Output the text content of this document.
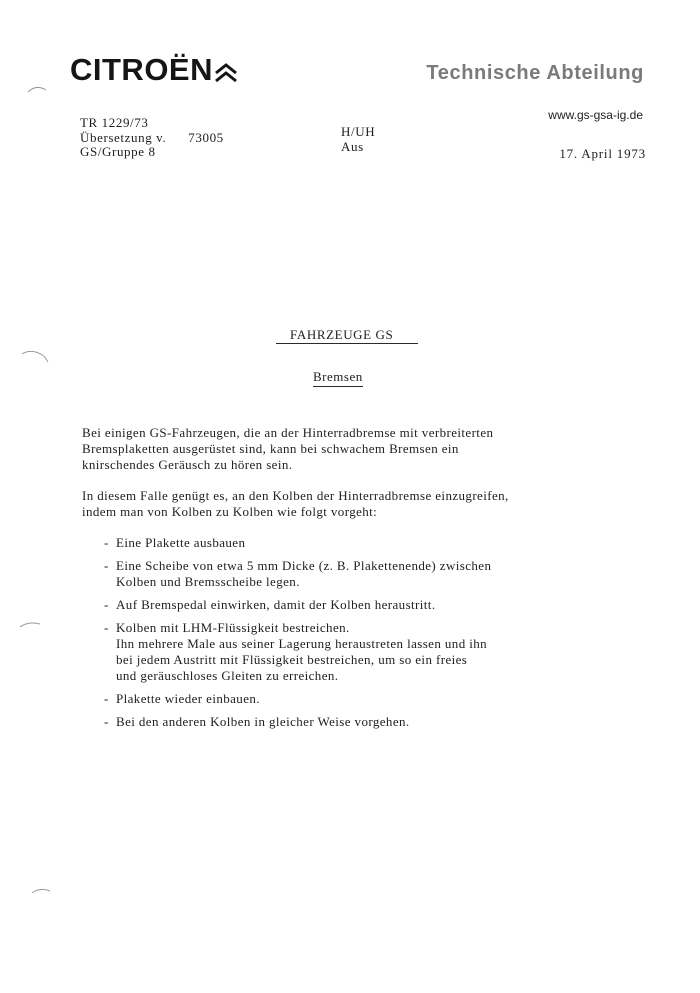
CITROËN	Technische Abteilung
www.gs-gsa-ig.de
TR 1229/73
Übersetzung v. 73005
GS/Gruppe 8
H/UH
Aus	17. April 1973
FAHRZEUGE GS
Bremsen

Bei einigen GS-Fahrzeugen, die an der Hinterradbremse mit verbreiterten
Bremsplaketten ausgerüstet sind, kann bei schwachem Bremsen ein
knirschendes Geräusch zu hören sein.

In diesem Falle genügt es, an den Kolben der Hinterradbremse einzugreifen,
indem man von Kolben zu Kolben wie folgt vorgeht:

- Eine Plakette ausbauen
- Eine Scheibe von etwa 5 mm Dicke (z. B. Plakettenende) zwischen
Kolben und Bremsscheibe legen.
- Auf Bremspedal einwirken, damit der Kolben heraustritt.
- Kolben mit LHM-Flüssigkeit bestreichen.
Ihn mehrere Male aus seiner Lagerung heraustreten lassen und ihn
bei jedem Austritt mit Flüssigkeit bestreichen, um so ein freies
und geräuschloses Gleiten zu erreichen.
- Plakette wieder einbauen.
- Bei den anderen Kolben in gleicher Weise vorgehen.
